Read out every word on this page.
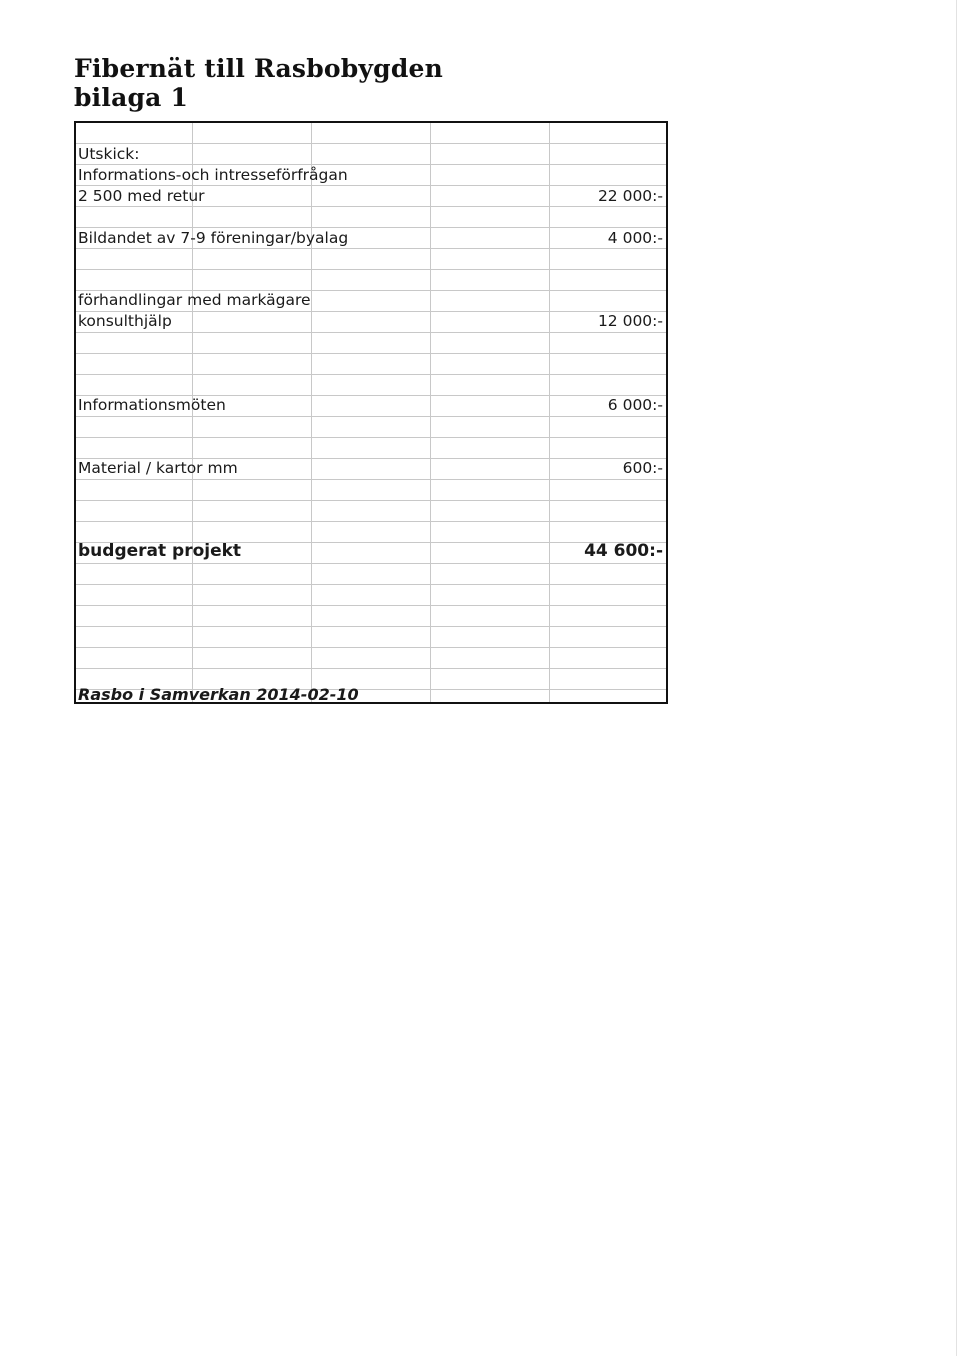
Fibernät till Rasbobygden
bilaga 1
Utskick:
Informations-och intresseförfrågan
2 500 med retur	22 000:-
Bildandet av 7-9 föreningar/byalag	4 000:-
förhandlingar med markägare
konsulthjälp	12 000:-
Informationsmöten	6 000:-
Material / kartor mm	600:-
budgerat projekt	44 600:-
Rasbo i Samverkan 2014-02-10
